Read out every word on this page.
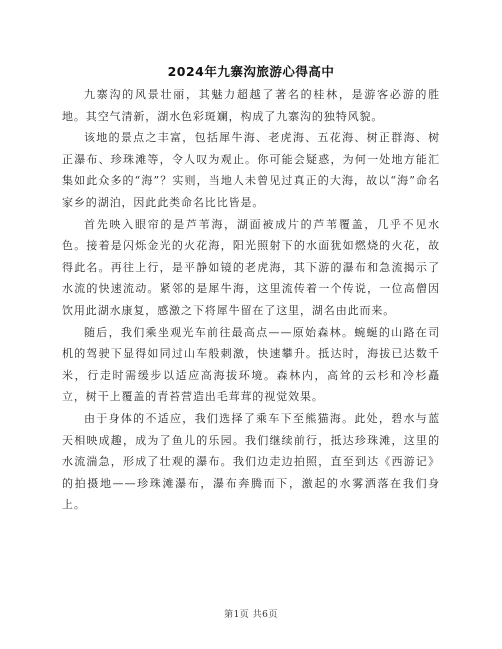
2024年九寨沟旅游心得高中

九寨沟的风景壮丽，其魅力超越了著名的桂林，是游客必游的胜地。其空气清新，湖水色彩斑斓，构成了九寨沟的独特风貌。

该地的景点之丰富，包括犀牛海、老虎海、五花海、树正群海、树正瀑布、珍珠滩等，令人叹为观止。你可能会疑惑，为何一处地方能汇集如此众多的“海”？实则，当地人未曾见过真正的大海，故以“海”命名家乡的湖泊，因此此类命名比比皆是。

首先映入眼帘的是芦苇海，湖面被成片的芦苇覆盖，几乎不见水色。接着是闪烁金光的火花海，阳光照射下的水面犹如燃烧的火花，故得此名。再往上行，是平静如镜的老虎海，其下游的瀑布和急流揭示了水流的快速流动。紧邻的是犀牛海，这里流传着一个传说，一位高僧因饮用此湖水康复，感激之下将犀牛留在了这里，湖名由此而来。

随后，我们乘坐观光车前往最高点——原始森林。蜿蜒的山路在司机的驾驶下显得如同过山车般刺激，快速攀升。抵达时，海拔已达数千米，行走时需缓步以适应高海拔环境。森林内，高耸的云杉和冷杉矗立，树干上覆盖的青苔营造出毛茸茸的视觉效果。

由于身体的不适应，我们选择了乘车下至熊猫海。此处，碧水与蓝天相映成趣，成为了鱼儿的乐园。我们继续前行，抵达珍珠滩，这里的水流湍急，形成了壮观的瀑布。我们边走边拍照，直至到达《西游记》的拍摄地——珍珠滩瀑布，瀑布奔腾而下，激起的水雾洒落在我们身上。

第1页 共6页
